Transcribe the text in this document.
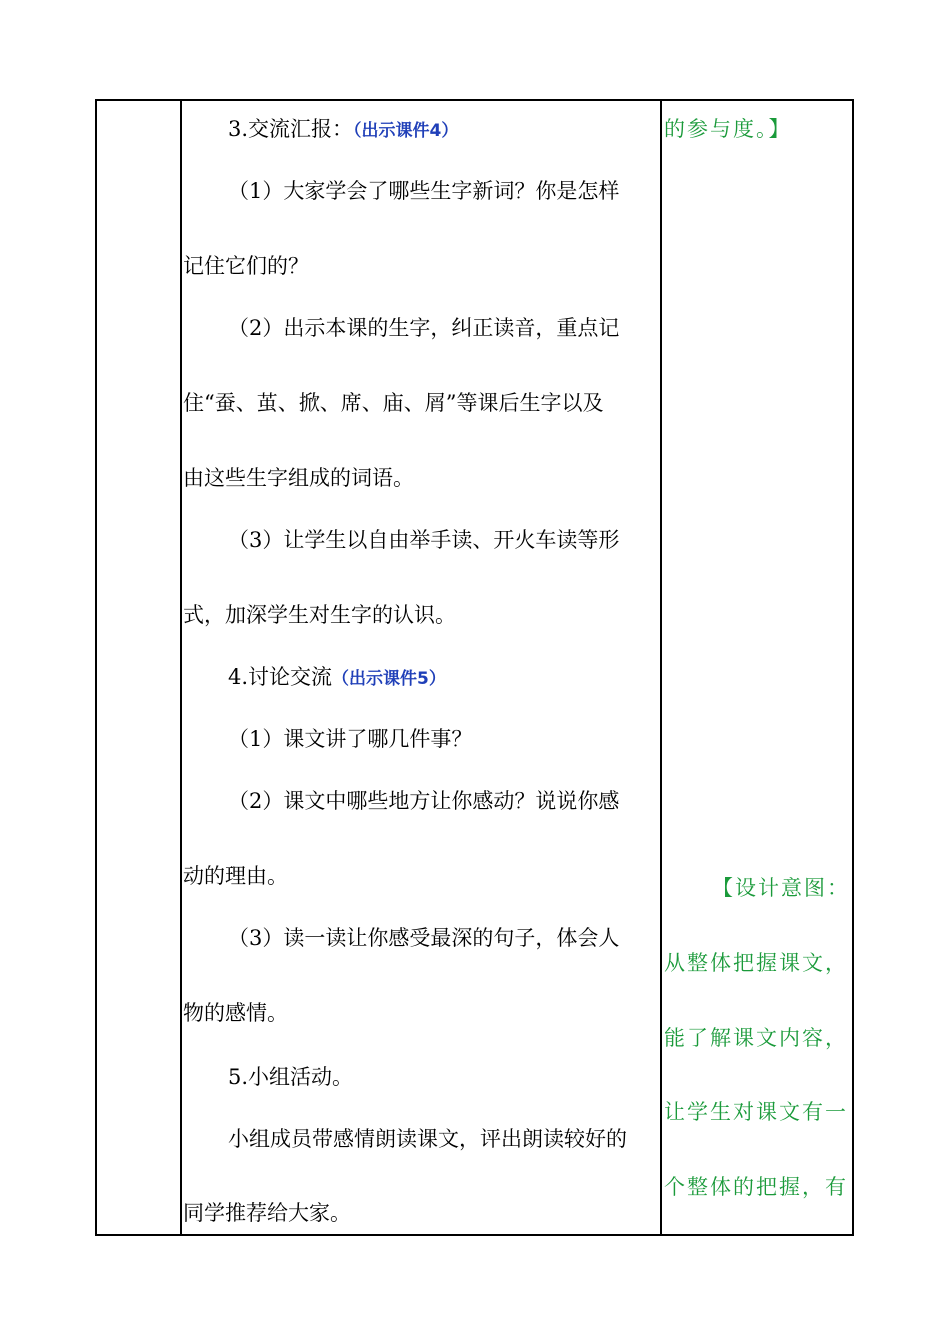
3.交流汇报：（出示课件4）
（1）大家学会了哪些生字新词？你是怎样
记住它们的？
（2）出示本课的生字，纠正读音，重点记
住“蚕、茧、掀、席、庙、屑”等课后生字以及
由这些生字组成的词语。
（3）让学生以自由举手读、开火车读等形
式，加深学生对生字的认识。
4.讨论交流（出示课件5）
（1）课文讲了哪几件事？
（2）课文中哪些地方让你感动？说说你感
动的理由。
（3）读一读让你感受最深的句子，体会人
物的感情。
5.小组活动。
小组成员带感情朗读课文，评出朗读较好的
同学推荐给大家。
的参与度。】
【设计意图：
从整体把握课文，
能了解课文内容，
让学生对课文有一
个整体的把握，有
